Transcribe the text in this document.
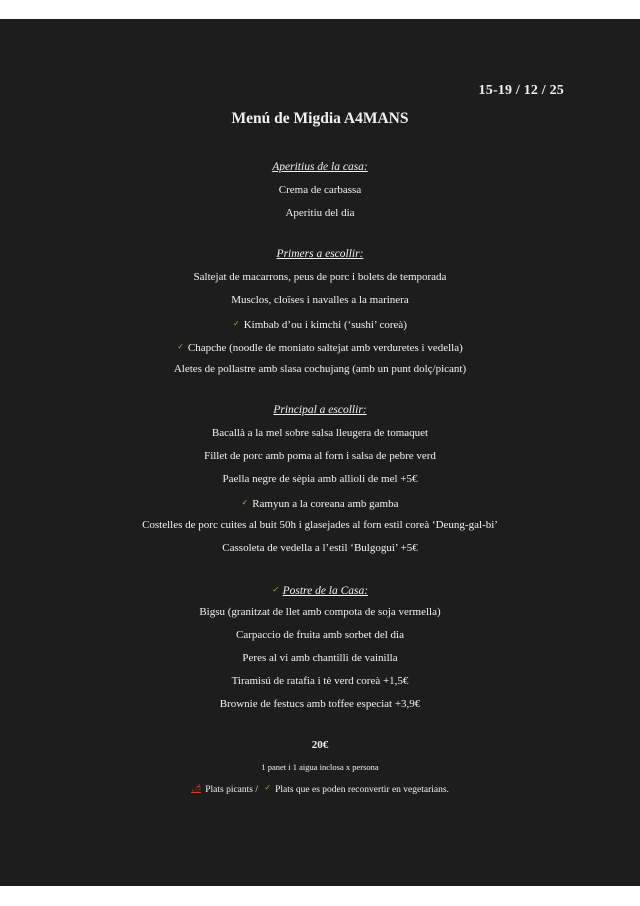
15-19 / 12 / 25
Menú de Migdia A4MANS
Aperitius de la casa:
Crema de carbassa
Aperitiu del dia
Primers a escollir:
Saltejat de macarrons, peus de porc i bolets de temporada
Musclos, cloïses i navalles a la marinera
✓ Kimbab d’ou i kimchi (‘sushi’ coreà)
✓ Chapche (noodle de moniato saltejat amb verduretes i vedella)
Aletes de pollastre amb slasa cochujang (amb un punt dolç/picant)
Principal a escollir:
Bacallà a la mel sobre salsa lleugera de tomaquet
Fillet de porc amb poma al forn i salsa de pebre verd
Paella negre de sèpia amb allioli de mel +5€
✓ Ramyun a la coreana amb gamba
Costelles de porc cuites al buit 50h i glasejades al forn estil coreà ‘Deung-gal-bi’
Cassoleta de vedella a l’estil ‘Bulgogui’ +5€
✓ Postre de la Casa:
Bigsu (granitzat de llet amb compota de soja vermella)
Carpaccio de fruita amb sorbet del dia
Peres al vi amb chantilli de vainilla
Tiramisú de ratafia i tè verd coreà +1,5€
Brownie de festucs amb toffee especiat +3,9€
20€
1 panet i 1 aigua inclosa x persona
🌶 Plats picants / ✓ Plats que es poden reconvertir en vegetarians.
